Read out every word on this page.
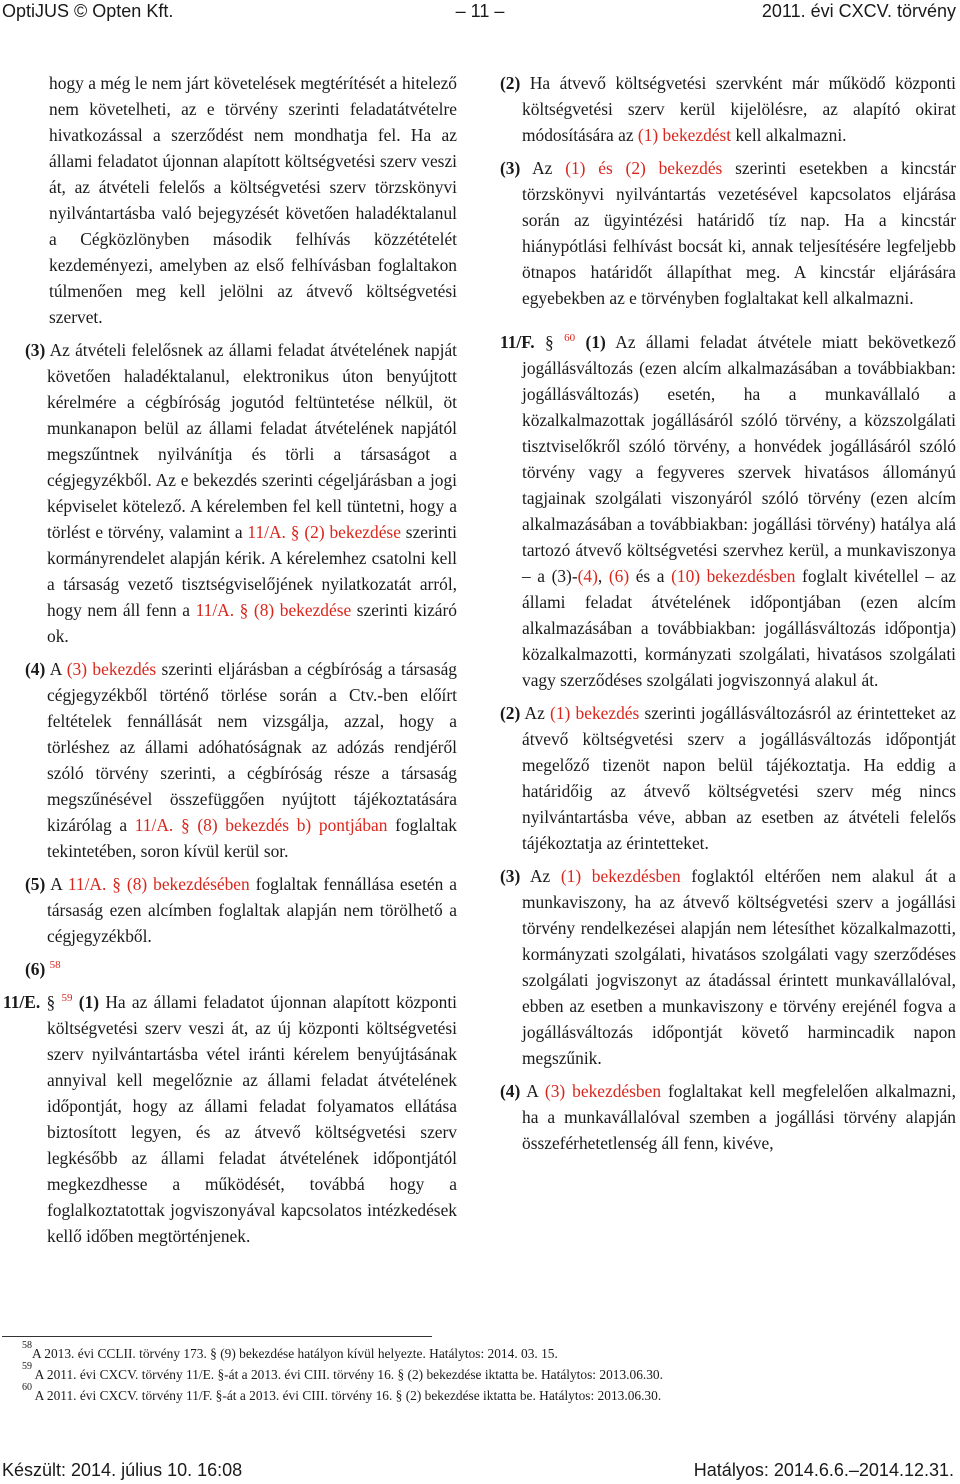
OptiJUS © Opten Kft.	– 11 –	2011. évi CXCV. törvény

hogy a még le nem járt követelések megtérítését a hitelező nem követelheti, az e törvény szerinti feladatátvételre hivatkozással a szerződést nem mondhatja fel. Ha az állami feladatot újonnan alapított költségvetési szerv veszi át, az átvételi felelős a költségvetési szerv törzskönyvi nyilvántartásba való bejegyzését követően haladéktalanul a Cégközlönyben második felhívás közzétételét kezdeményezi, amelyben az első felhívásban foglaltakon túlmenően meg kell jelölni az átvevő költségvetési szervet.

(3) Az átvételi felelősnek az állami feladat átvételének napját követően haladéktalanul, elektronikus úton benyújtott kérelmére a cégbíróság jogutód feltüntetése nélkül, öt munkanapon belül az állami feladat átvételének napjától megszűntnek nyilvánítja és törli a társaságot a cégjegyzékből. Az e bekezdés szerinti cégeljárásban a jogi képviselet kötelező. A kérelemben fel kell tüntetni, hogy a törlést e törvény, valamint a 11/A. § (2) bekezdése szerinti kormányrendelet alapján kérik. A kérelemhez csatolni kell a társaság vezető tisztségviselőjének nyilatkozatát arról, hogy nem áll fenn a 11/A. § (8) bekezdése szerinti kizáró ok.

(4) A (3) bekezdés szerinti eljárásban a cégbíróság a társaság cégjegyzékből történő törlése során a Ctv.-ben előírt feltételek fennállását nem vizsgálja, azzal, hogy a törléshez az állami adóhatóságnak az adózás rendjéről szóló törvény szerinti, a cégbíróság része a társaság megszűnésével összefüggően nyújtott tájékoztatására kizárólag a 11/A. § (8) bekezdés b) pontjában foglaltak tekintetében, soron kívül kerül sor.

(5) A 11/A. § (8) bekezdésében foglaltak fennállása esetén a társaság ezen alcímben foglaltak alapján nem törölhető a cégjegyzékből.

(6) $^{58}$

11/E. § $^{59}$ (1) Ha az állami feladatot újonnan alapított központi költségvetési szerv veszi át, az új központi költségvetési szerv nyilvántartásba vétel iránti kérelem benyújtásának annyival kell megelőznie az állami feladat átvételének időpontját, hogy az állami feladat folyamatos ellátása biztosított legyen, és az átvevő költségvetési szerv legkésőbb az állami feladat átvételének időpontjától megkezdhesse a működését, továbbá hogy a foglalkoztatottak jogviszonyával kapcsolatos intézkedések kellő időben megtörténjenek.

(2) Ha átvevő költségvetési szervként már működő központi költségvetési szerv kerül kijelölésre, az alapító okirat módosítására az (1) bekezdést kell alkalmazni.

(3) Az (1) és (2) bekezdés szerinti esetekben a kincstár törzskönyvi nyilvántartás vezetésével kapcsolatos eljárása során az ügyintézési határidő tíz nap. Ha a kincstár hiánypótlási felhívást bocsát ki, annak teljesítésére legfeljebb ötnapos határidőt állapíthat meg. A kincstár eljárására egyebekben az e törvényben foglaltakat kell alkalmazni.

11/F. § $^{60}$ (1) Az állami feladat átvétele miatt bekövetkező jogállásváltozás (ezen alcím alkalmazásában a továbbiakban: jogállásváltozás) esetén, ha a munkavállaló a közalkalmazottak jogállásáról szóló törvény, a közszolgálati tisztviselőkről szóló törvény, a honvédek jogállásáról szóló törvény vagy a fegyveres szervek hivatásos állományú tagjainak szolgálati viszonyáról szóló törvény (ezen alcím alkalmazásában a továbbiakban: jogállási törvény) hatálya alá tartozó átvevő költségvetési szervhez kerül, a munkaviszonya – a (3)-(4), (6) és a (10) bekezdésben foglalt kivétellel – az állami feladat átvételének időpontjában (ezen alcím alkalmazásában a továbbiakban: jogállásváltozás időpontja) közalkalmazotti, kormányzati szolgálati, hivatásos szolgálati vagy szerződéses szolgálati jogviszonnyá alakul át.

(2) Az (1) bekezdés szerinti jogállásváltozásról az érintetteket az átvevő költségvetési szerv a jogállásváltozás időpontját megelőző tizenöt napon belül tájékoztatja. Ha eddig a határidőig az átvevő költségvetési szerv még nincs nyilvántartásba véve, abban az esetben az átvételi felelős tájékoztatja az érintetteket.

(3) Az (1) bekezdésben foglaktól eltérően nem alakul át a munkaviszony, ha az átvevő költségvetési szerv a jogállási törvény rendelkezései alapján nem létesíthet közalkalmazotti, kormányzati szolgálati, hivatásos szolgálati vagy szerződéses szolgálati jogviszonyt az átadással érintett munkavállalóval, ebben az esetben a munkaviszony e törvény erejénél fogva a jogállásváltozás időpontját követő harmincadik napon megszűnik.

(4) A (3) bekezdésben foglaltakat kell megfelelően alkalmazni, ha a munkavállalóval szemben a jogállási törvény alapján összeférhetetlenség áll fenn, kivéve,

$^{58}$A 2013. évi CCLII. törvény 173. § (9) bekezdése hatályon kívül helyezte. Hatálytos: 2014. 03. 15.
$^{59}$ A 2011. évi CXCV. törvény 11/E. §-át a 2013. évi CIII. törvény 16. § (2) bekezdése iktatta be. Hatálytos: 2013.06.30.
$^{60}$ A 2011. évi CXCV. törvény 11/F. §-át a 2013. évi CIII. törvény 16. § (2) bekezdése iktatta be. Hatálytos: 2013.06.30.
Készült: 2014. július 10. 16:08	Hatályos: 2014.6.6.–2014.12.31.
